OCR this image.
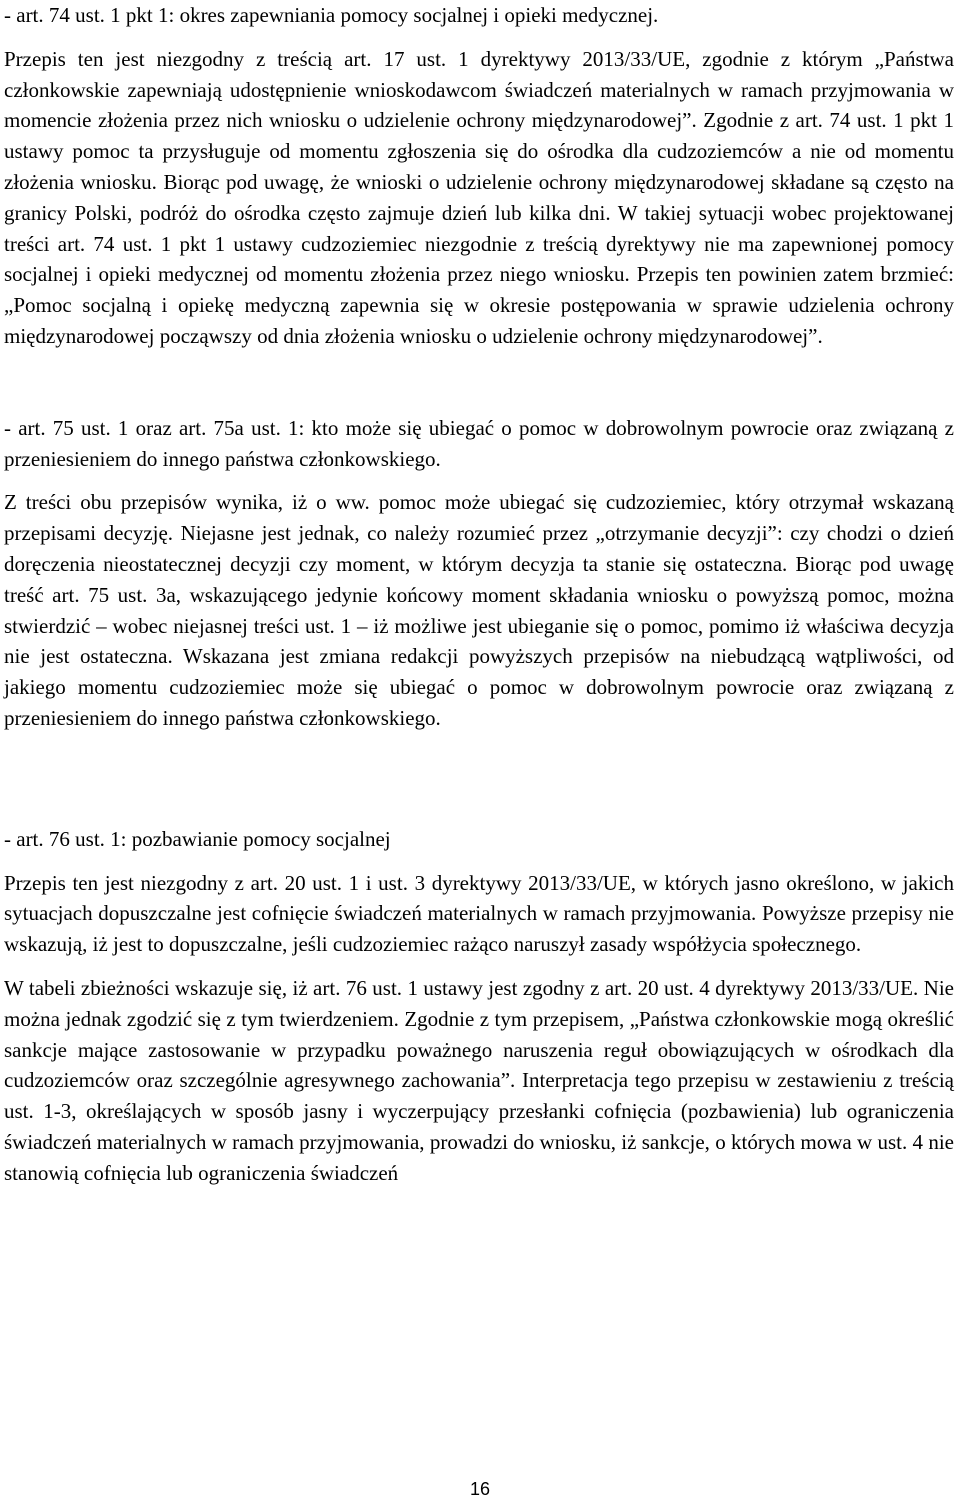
- art. 74 ust. 1 pkt 1: okres zapewniania pomocy socjalnej i opieki medycznej.

Przepis ten jest niezgodny z treścią art. 17 ust. 1 dyrektywy 2013/33/UE, zgodnie z którym „Państwa członkowskie zapewniają udostępnienie wnioskodawcom świadczeń materialnych w ramach przyjmowania w momencie złożenia przez nich wniosku o udzielenie ochrony międzynarodowej”. Zgodnie z art. 74 ust. 1 pkt 1 ustawy pomoc ta przysługuje od momentu zgłoszenia się do ośrodka dla cudzoziemców a nie od momentu złożenia wniosku. Biorąc pod uwagę, że wnioski o udzielenie ochrony międzynarodowej składane są często na granicy Polski, podróż do ośrodka często zajmuje dzień lub kilka dni. W takiej sytuacji wobec projektowanej treści art. 74 ust. 1 pkt 1 ustawy cudzoziemiec niezgodnie z treścią dyrektywy nie ma zapewnionej pomocy socjalnej i opieki medycznej od momentu złożenia przez niego wniosku. Przepis ten powinien zatem brzmieć: „Pomoc socjalną i opiekę medyczną zapewnia się w okresie postępowania w sprawie udzielenia ochrony międzynarodowej począwszy od dnia złożenia wniosku o udzielenie ochrony międzynarodowej”.

- art. 75 ust. 1 oraz art. 75a ust. 1: kto może się ubiegać o pomoc w dobrowolnym powrocie oraz związaną z przeniesieniem do innego państwa członkowskiego.

Z treści obu przepisów wynika, iż o ww. pomoc może ubiegać się cudzoziemiec, który otrzymał wskazaną przepisami decyzję. Niejasne jest jednak, co należy rozumieć przez „otrzymanie decyzji”: czy chodzi o dzień doręczenia nieostatecznej decyzji czy moment, w którym decyzja ta stanie się ostateczna. Biorąc pod uwagę treść art. 75 ust. 3a, wskazującego jedynie końcowy moment składania wniosku o powyższą pomoc, można stwierdzić – wobec niejasnej treści ust. 1 – iż możliwe jest ubieganie się o pomoc, pomimo iż właściwa decyzja nie jest ostateczna. Wskazana jest zmiana redakcji powyższych przepisów na niebudzącą wątpliwości, od jakiego momentu cudzoziemiec może się ubiegać o pomoc w dobrowolnym powrocie oraz związaną z przeniesieniem do innego państwa członkowskiego.

- art. 76 ust. 1: pozbawianie pomocy socjalnej

Przepis ten jest niezgodny z art. 20 ust. 1 i ust. 3 dyrektywy 2013/33/UE, w których jasno określono, w jakich sytuacjach dopuszczalne jest cofnięcie świadczeń materialnych w ramach przyjmowania. Powyższe przepisy nie wskazują, iż jest to dopuszczalne, jeśli cudzoziemiec rażąco naruszył zasady współżycia społecznego.

W tabeli zbieżności wskazuje się, iż art. 76 ust. 1 ustawy jest zgodny z art. 20 ust. 4 dyrektywy 2013/33/UE. Nie można jednak zgodzić się z tym twierdzeniem. Zgodnie z tym przepisem, „Państwa członkowskie mogą określić sankcje mające zastosowanie w przypadku poważnego naruszenia reguł obowiązujących w ośrodkach dla cudzoziemców oraz szczególnie agresywnego zachowania”. Interpretacja tego przepisu w zestawieniu z treścią ust. 1-3, określających w sposób jasny i wyczerpujący przesłanki cofnięcia (pozbawienia) lub ograniczenia świadczeń materialnych w ramach przyjmowania, prowadzi do wniosku, iż sankcje, o których mowa w ust. 4 nie stanowią cofnięcia lub ograniczenia świadczeń

16
